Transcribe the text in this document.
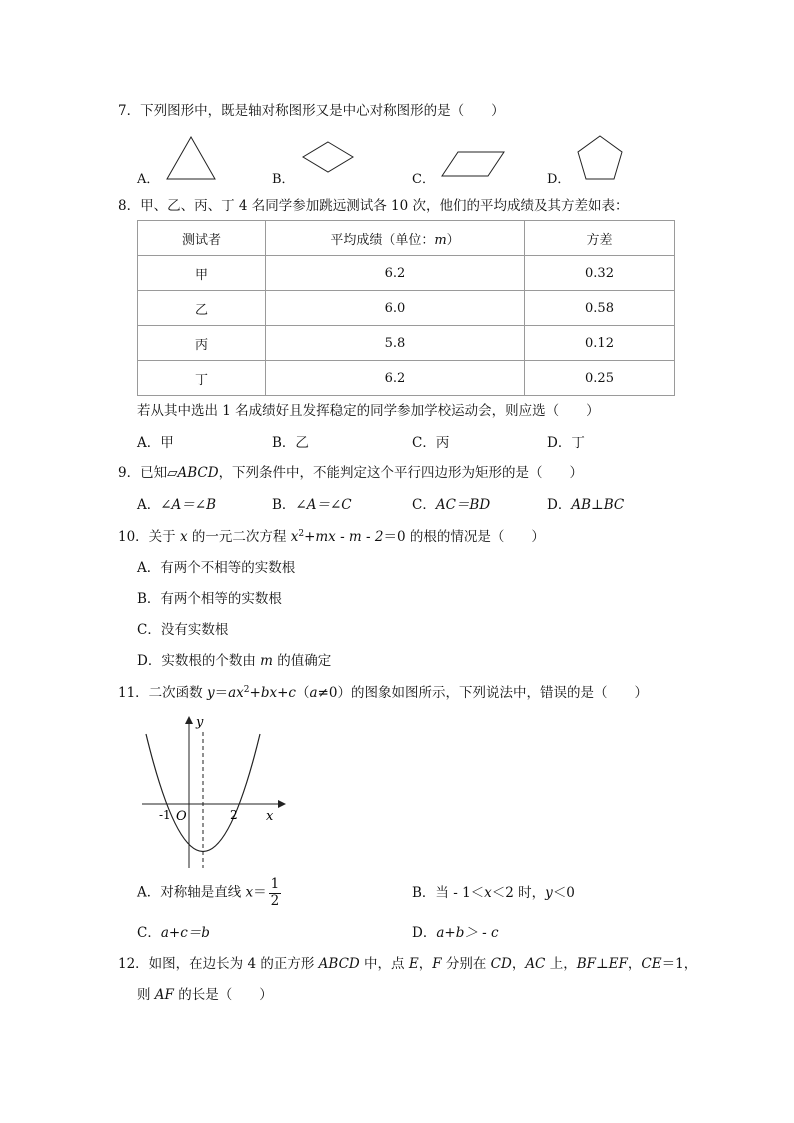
7．下列图形中，既是轴对称图形又是中心对称图形的是（　　）
A．	B．	C．	D．
8．甲、乙、丙、丁 4 名同学参加跳远测试各 10 次，他们的平均成绩及其方差如表：
测试者	平均成绩（单位：m）	方差
甲	6.2	0.32
乙	6.0	0.58
丙	5.8	0.12
丁	6.2	0.25
若从其中选出 1 名成绩好且发挥稳定的同学参加学校运动会，则应选（　　）
A．甲	B．乙	C．丙	D．丁
9．已知▱ABCD，下列条件中，不能判定这个平行四边形为矩形的是（　　）
A．∠A＝∠B	B．∠A＝∠C	C．AC＝BD	D．AB⊥BC
10．关于 x 的一元二次方程 $x^2+mx - m - 2=0$ 的根的情况是（　　）
A．有两个不相等的实数根
B．有两个相等的实数根
C．没有实数根
D．实数根的个数由 m 的值确定
11．二次函数 $y=ax^2+bx+c(a\ne 0)$的图象如图所示，下列说法中，错误的是（　　）
y
x
O
-1	2
A．对称轴是直线 $x= \frac{1}{2}$	B．当 - 1＜x＜2 时，y＜0
C．a+c＝b	D．a+b＞ - c
12．如图，在边长为 4 的正方形 ABCD 中，点 E，F 分别在 CD，AC 上，BF⊥EF，CE＝1，
则 AF 的长是（　　）
